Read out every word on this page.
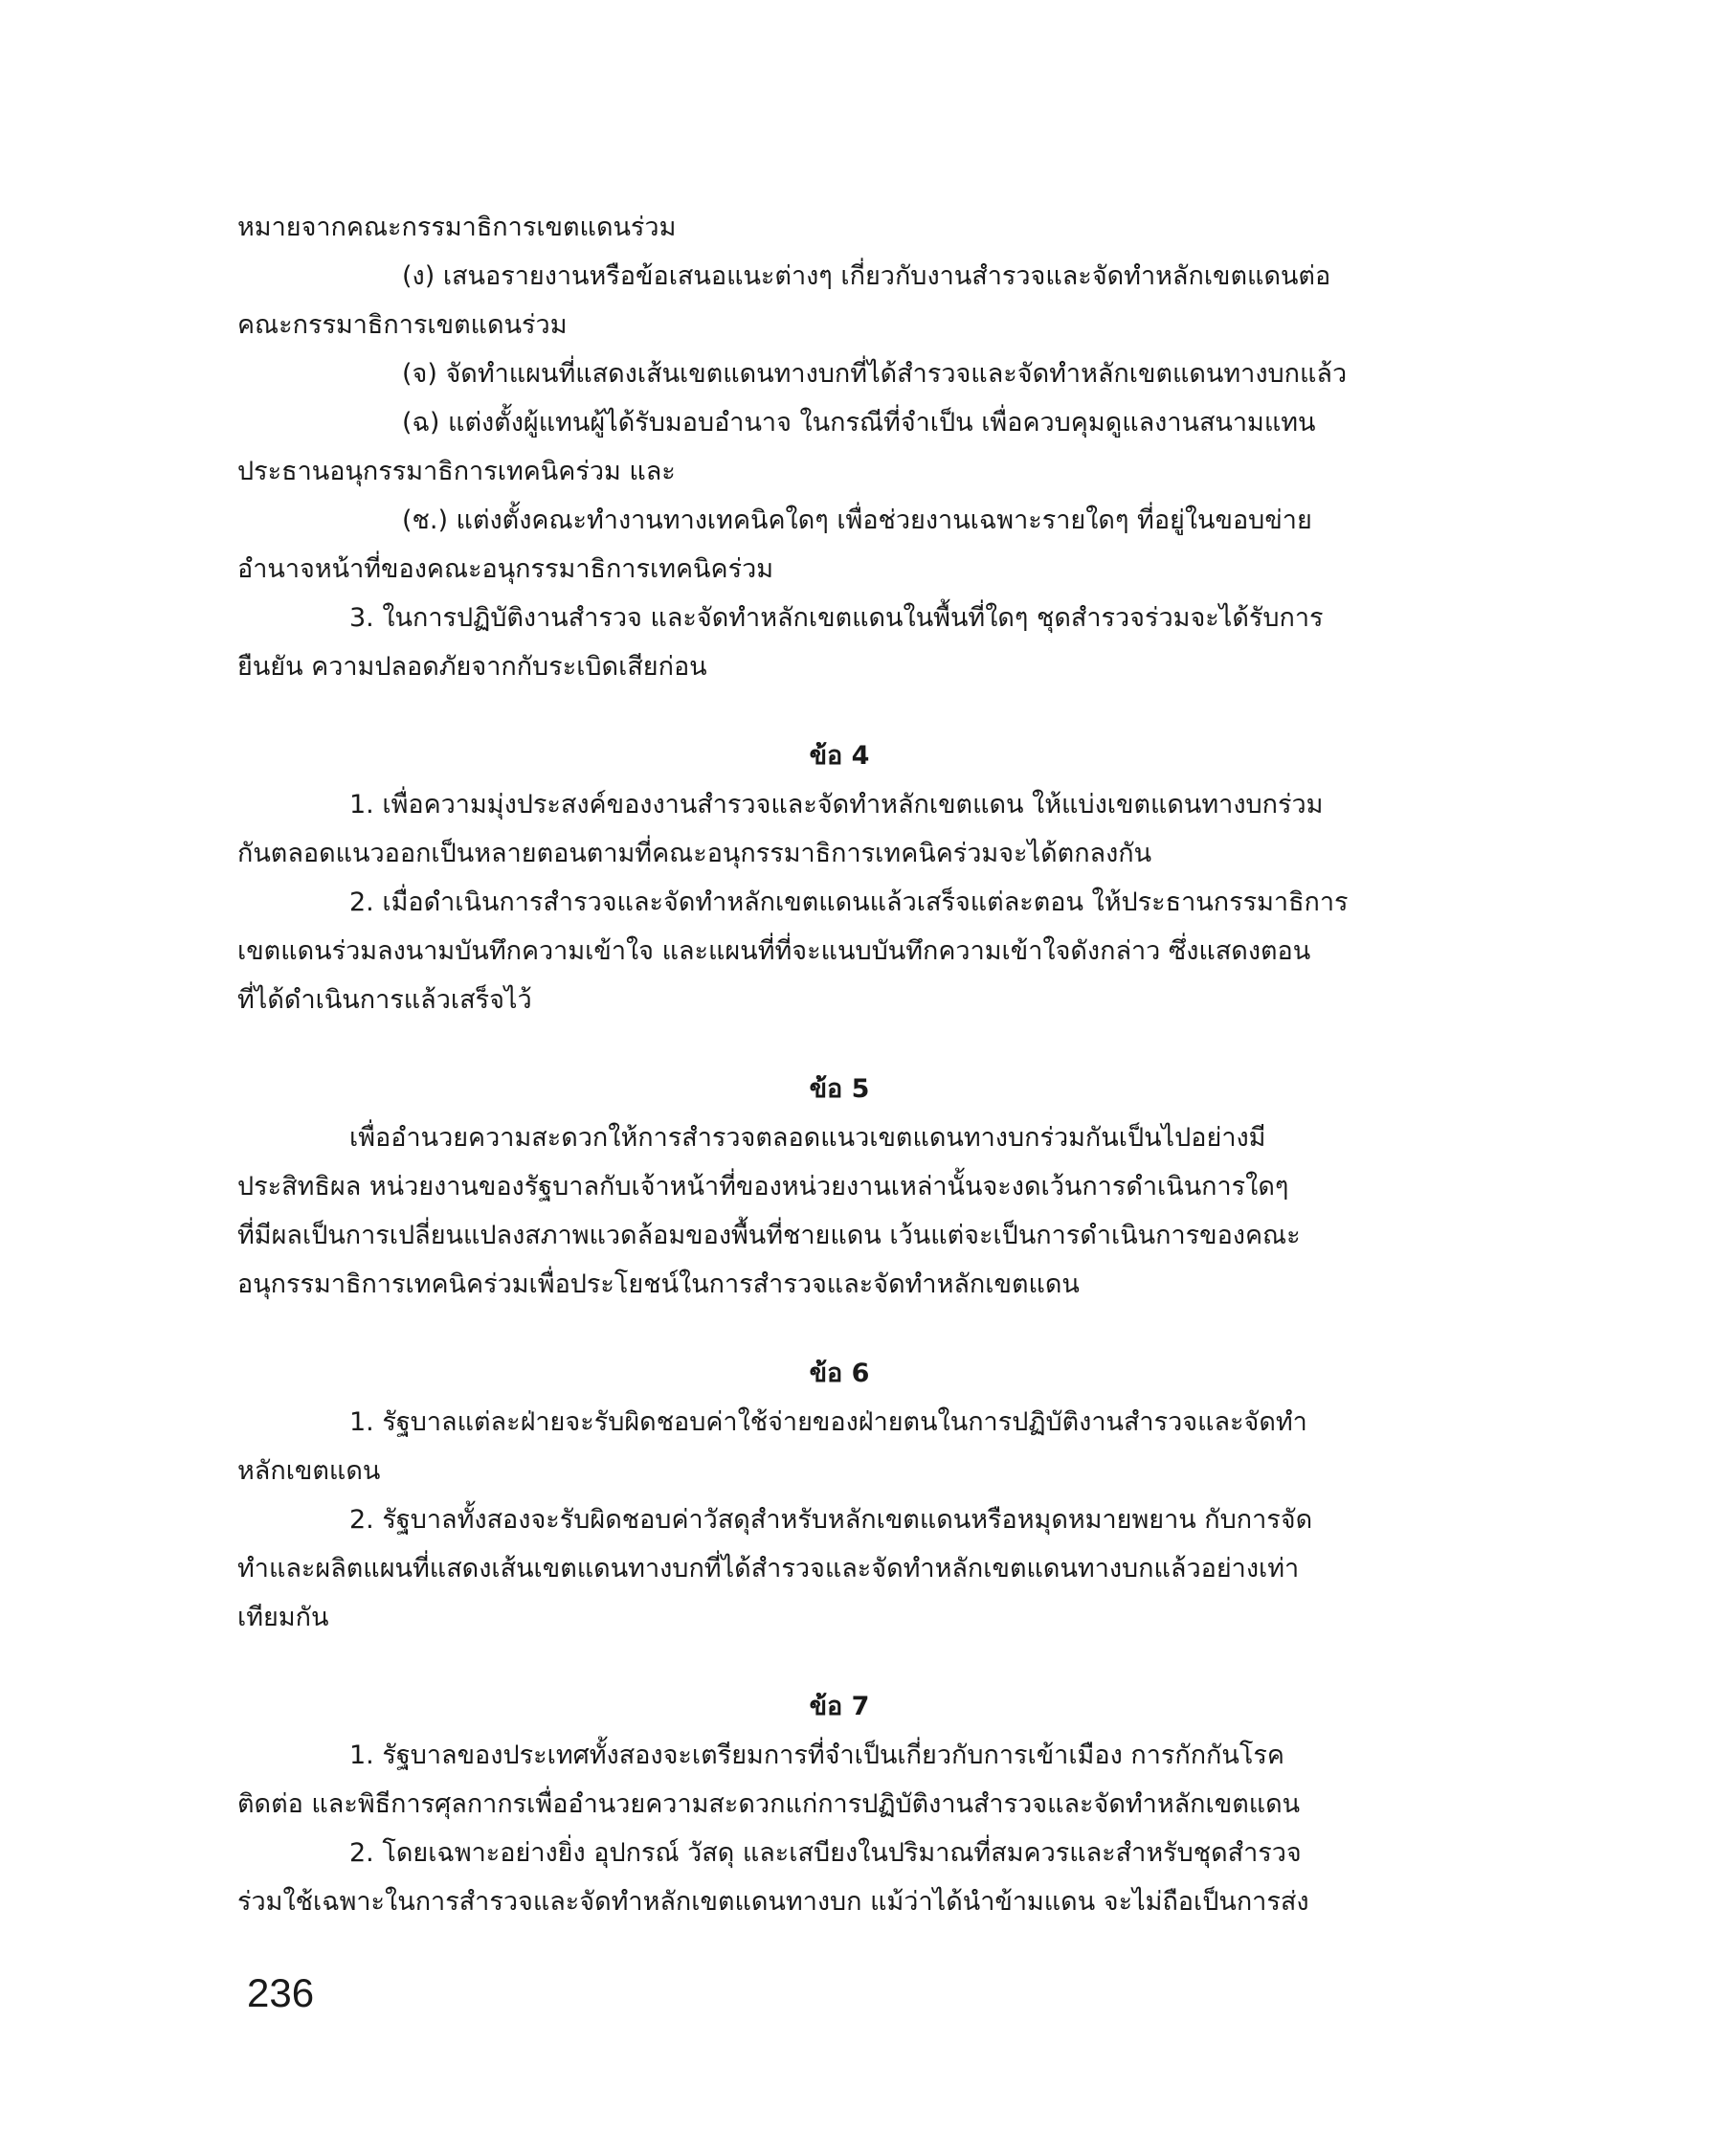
หมายจากคณะกรรมาธิการเขตแดนร่วม
(ง) เสนอรายงานหรือข้อเสนอแนะต่างๆ เกี่ยวกับงานสำรวจและจัดทำหลักเขตแดนต่อ
คณะกรรมาธิการเขตแดนร่วม
(จ) จัดทำแผนที่แสดงเส้นเขตแดนทางบกที่ได้สำรวจและจัดทำหลักเขตแดนทางบกแล้ว
(ฉ) แต่งตั้งผู้แทนผู้ได้รับมอบอำนาจ ในกรณีที่จำเป็น เพื่อควบคุมดูแลงานสนามแทน
ประธานอนุกรรมาธิการเทคนิคร่วม และ
(ช.) แต่งตั้งคณะทำงานทางเทคนิคใดๆ เพื่อช่วยงานเฉพาะรายใดๆ ที่อยู่ในขอบข่าย
อำนาจหน้าที่ของคณะอนุกรรมาธิการเทคนิคร่วม
3. ในการปฏิบัติงานสำรวจ และจัดทำหลักเขตแดนในพื้นที่ใดๆ ชุดสำรวจร่วมจะได้รับการ
ยืนยัน ความปลอดภัยจากกับระเบิดเสียก่อน
ข้อ 4
1. เพื่อความมุ่งประสงค์ของงานสำรวจและจัดทำหลักเขตแดน ให้แบ่งเขตแดนทางบกร่วม
กันตลอดแนวออกเป็นหลายตอนตามที่คณะอนุกรรมาธิการเทคนิคร่วมจะได้ตกลงกัน
2. เมื่อดำเนินการสำรวจและจัดทำหลักเขตแดนแล้วเสร็จแต่ละตอน ให้ประธานกรรมาธิการ
เขตแดนร่วมลงนามบันทึกความเข้าใจ และแผนที่ที่จะแนบบันทึกความเข้าใจดังกล่าว ซึ่งแสดงตอน
ที่ได้ดำเนินการแล้วเสร็จไว้
ข้อ 5
เพื่ออำนวยความสะดวกให้การสำรวจตลอดแนวเขตแดนทางบกร่วมกันเป็นไปอย่างมี
ประสิทธิผล หน่วยงานของรัฐบาลกับเจ้าหน้าที่ของหน่วยงานเหล่านั้นจะงดเว้นการดำเนินการใดๆ
ที่มีผลเป็นการเปลี่ยนแปลงสภาพแวดล้อมของพื้นที่ชายแดน เว้นแต่จะเป็นการดำเนินการของคณะ
อนุกรรมาธิการเทคนิคร่วมเพื่อประโยชน์ในการสำรวจและจัดทำหลักเขตแดน
ข้อ 6
1. รัฐบาลแต่ละฝ่ายจะรับผิดชอบค่าใช้จ่ายของฝ่ายตนในการปฏิบัติงานสำรวจและจัดทำ
หลักเขตแดน
2. รัฐบาลทั้งสองจะรับผิดชอบค่าวัสดุสำหรับหลักเขตแดนหรือหมุดหมายพยาน กับการจัด
ทำและผลิตแผนที่แสดงเส้นเขตแดนทางบกที่ได้สำรวจและจัดทำหลักเขตแดนทางบกแล้วอย่างเท่า
เทียมกัน
ข้อ 7
1. รัฐบาลของประเทศทั้งสองจะเตรียมการที่จำเป็นเกี่ยวกับการเข้าเมือง การกักกันโรค
ติดต่อ และพิธีการศุลกากรเพื่ออำนวยความสะดวกแก่การปฏิบัติงานสำรวจและจัดทำหลักเขตแดน
2. โดยเฉพาะอย่างยิ่ง อุปกรณ์ วัสดุ และเสบียงในปริมาณที่สมควรและสำหรับชุดสำรวจ
ร่วมใช้เฉพาะในการสำรวจและจัดทำหลักเขตแดนทางบก แม้ว่าได้นำข้ามแดน จะไม่ถือเป็นการส่ง
236
